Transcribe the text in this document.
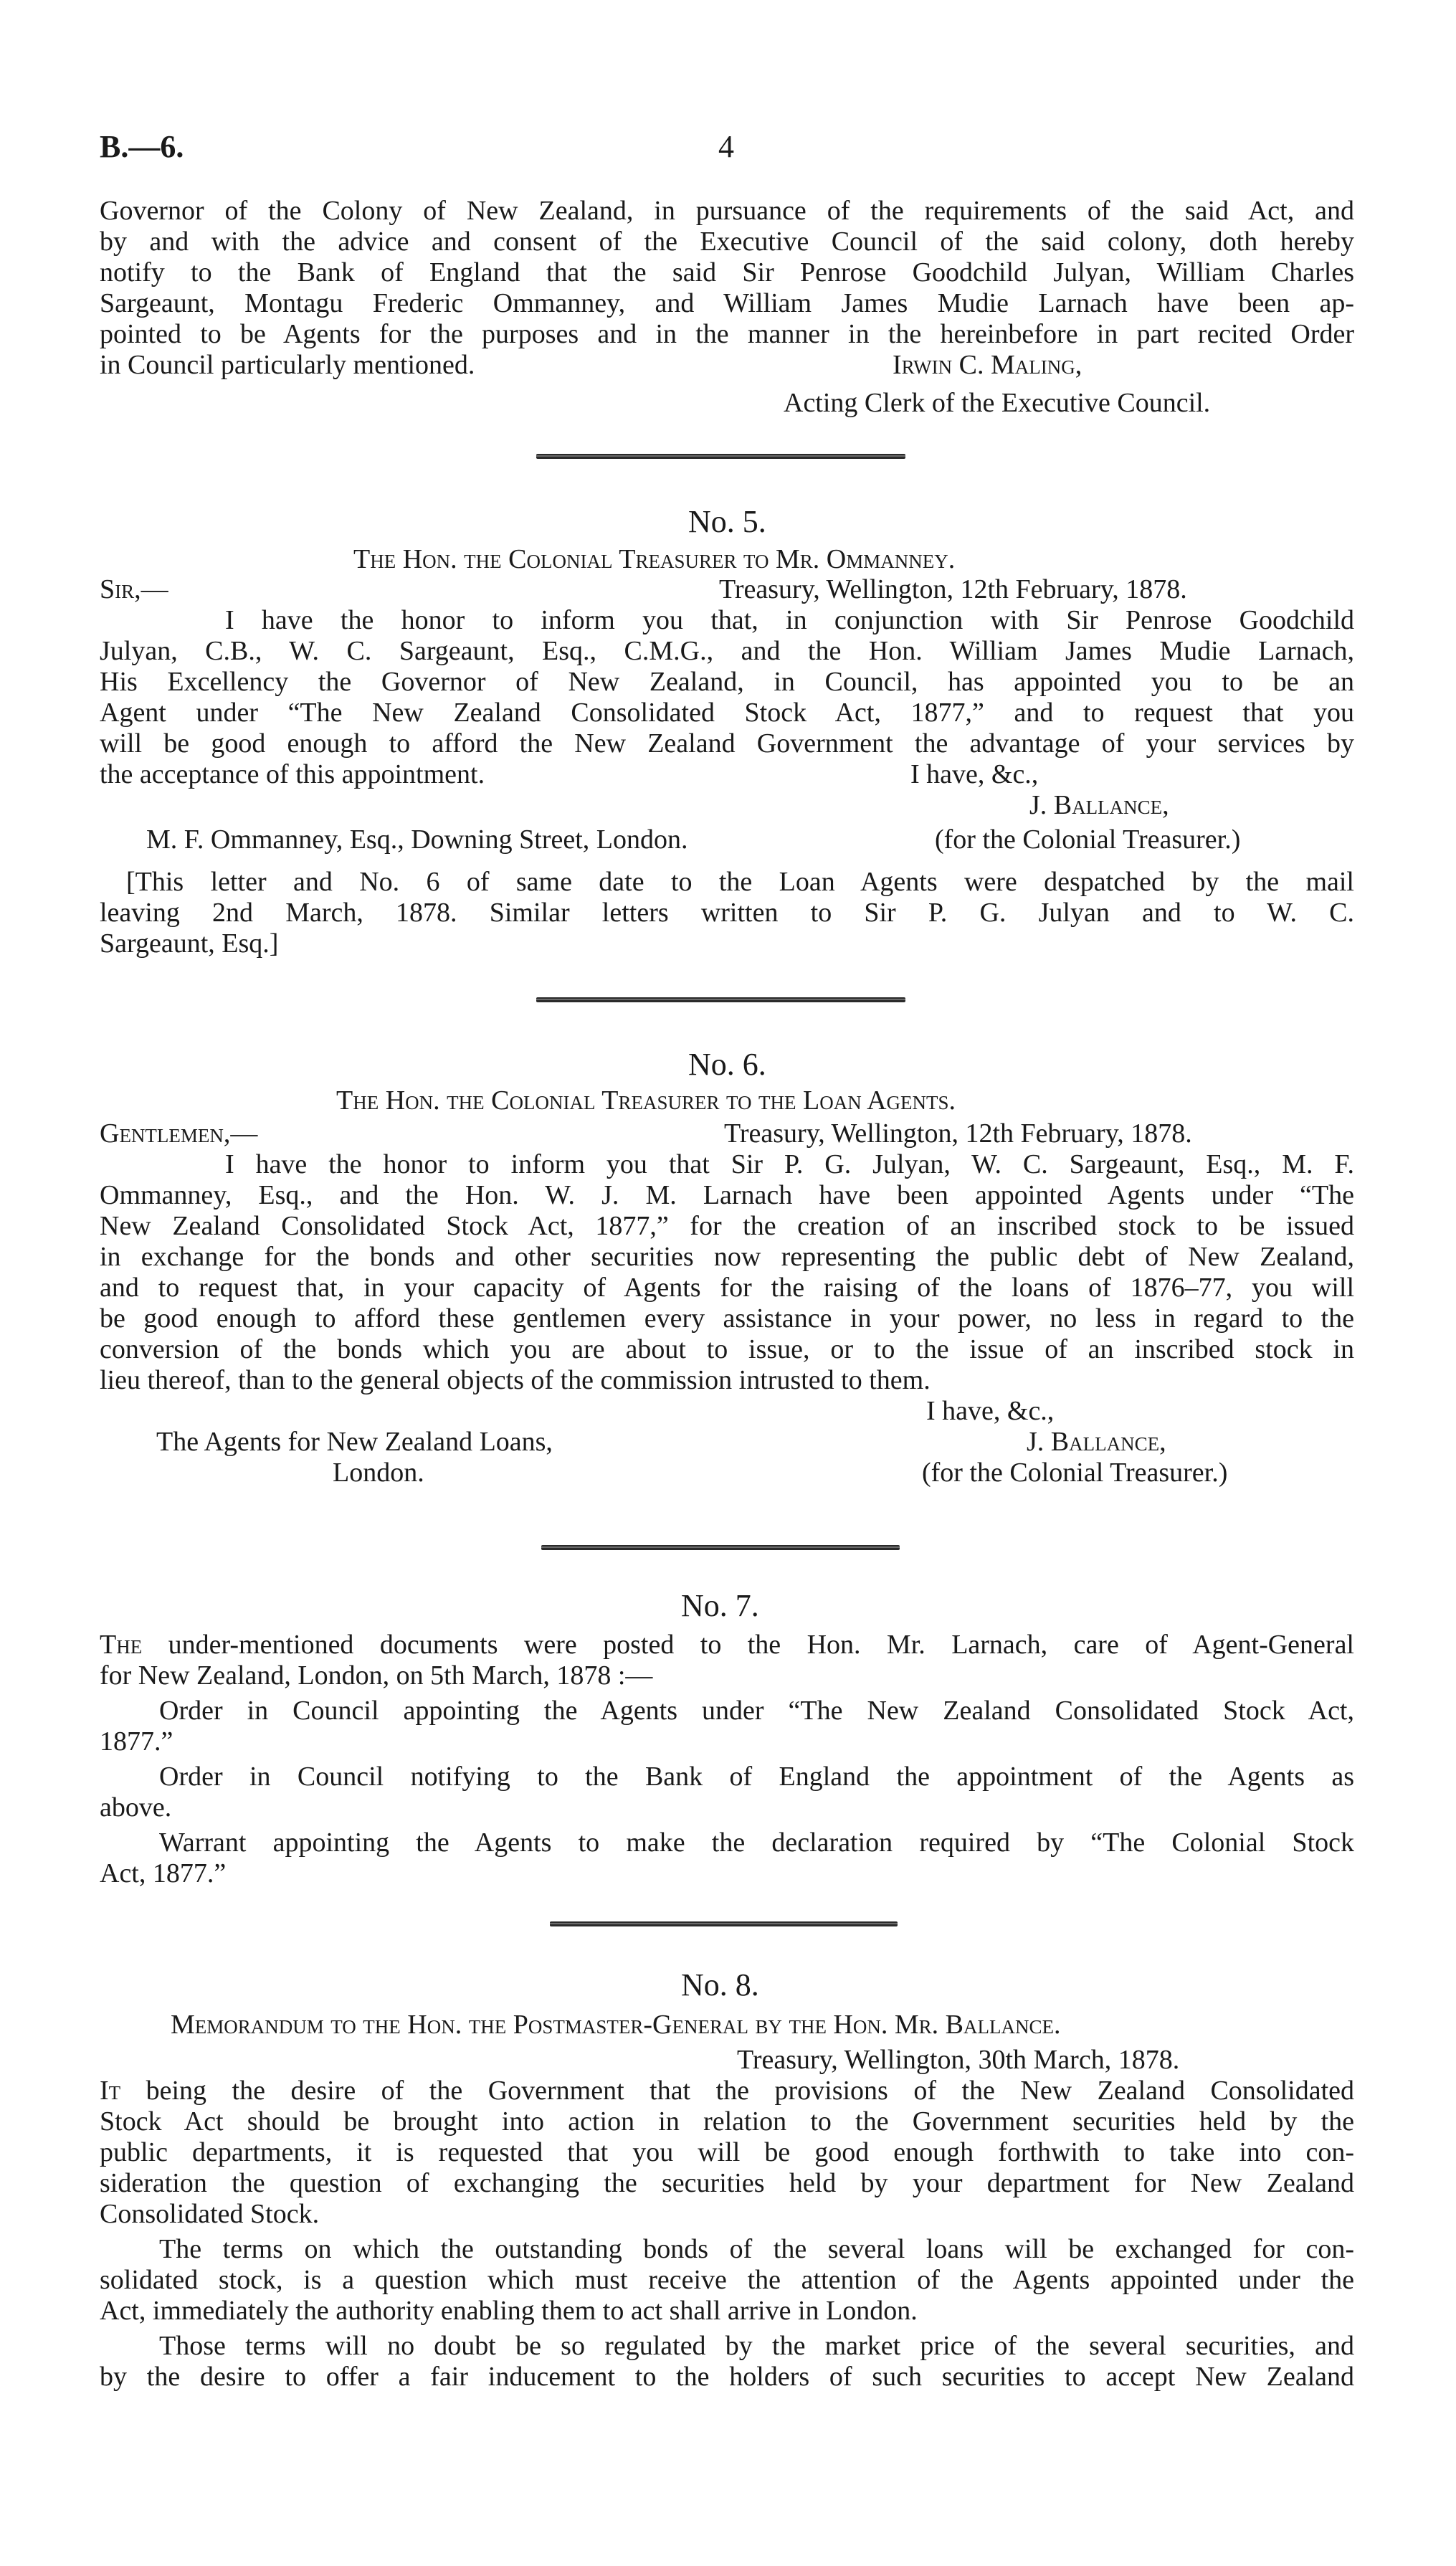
B.—6.	4
Governor of the Colony of New Zealand, in pursuance of the requirements of the said Act, and
by and with the advice and consent of the Executive Council of the said colony, doth hereby
notify to the Bank of England that the said Sir Penrose Goodchild Julyan, William Charles
Sargeaunt, Montagu Frederic Ommanney, and William James Mudie Larnach have been ap-
pointed to be Agents for the purposes and in the manner in the hereinbefore in part recited Order
in Council particularly mentioned.	Irwin C. Maling,
Acting Clerk of the Executive Council.
No. 5.
The Hon. the Colonial Treasurer to Mr. Ommanney.
Sir,—	Treasury, Wellington, 12th February, 1878.
I have the honor to inform you that, in conjunction with Sir Penrose Goodchild
Julyan, C.B., W. C. Sargeaunt, Esq., C.M.G., and the Hon. William James Mudie Larnach,
His Excellency the Governor of New Zealand, in Council, has appointed you to be an
Agent under “The New Zealand Consolidated Stock Act, 1877,” and to request that you
will be good enough to afford the New Zealand Government the advantage of your services by
the acceptance of this appointment.	I have, &c.,
J. Ballance,
M. F. Ommanney, Esq., Downing Street, London.	(for the Colonial Treasurer.)
[This letter and No. 6 of same date to the Loan Agents were despatched by the mail
leaving 2nd March, 1878. Similar letters written to Sir P. G. Julyan and to W. C.
Sargeaunt, Esq.]
No. 6.
The Hon. the Colonial Treasurer to the Loan Agents.
Gentlemen,—	Treasury, Wellington, 12th February, 1878.
I have the honor to inform you that Sir P. G. Julyan, W. C. Sargeaunt, Esq., M. F.
Ommanney, Esq., and the Hon. W. J. M. Larnach have been appointed Agents under “The
New Zealand Consolidated Stock Act, 1877,” for the creation of an inscribed stock to be issued
in exchange for the bonds and other securities now representing the public debt of New Zealand,
and to request that, in your capacity of Agents for the raising of the loans of 1876–77, you will
be good enough to afford these gentlemen every assistance in your power, no less in regard to the
conversion of the bonds which you are about to issue, or to the issue of an inscribed stock in
lieu thereof, than to the general objects of the commission intrusted to them.
I have, &c.,
The Agents for New Zealand Loans,	J. Ballance,
London.	(for the Colonial Treasurer.)
No. 7.
The under-mentioned documents were posted to the Hon. Mr. Larnach, care of Agent-General
for New Zealand, London, on 5th March, 1878 :—
Order in Council appointing the Agents under “The New Zealand Consolidated Stock Act,
1877.”
Order in Council notifying to the Bank of England the appointment of the Agents as
above.
Warrant appointing the Agents to make the declaration required by “The Colonial Stock
Act, 1877.”
No. 8.
Memorandum to the Hon. the Postmaster-General by the Hon. Mr. Ballance.
Treasury, Wellington, 30th March, 1878.
It being the desire of the Government that the provisions of the New Zealand Consolidated
Stock Act should be brought into action in relation to the Government securities held by the
public departments, it is requested that you will be good enough forthwith to take into con-
sideration the question of exchanging the securities held by your department for New Zealand
Consolidated Stock.
The terms on which the outstanding bonds of the several loans will be exchanged for con-
solidated stock, is a question which must receive the attention of the Agents appointed under the
Act, immediately the authority enabling them to act shall arrive in London.
Those terms will no doubt be so regulated by the market price of the several securities, and
by the desire to offer a fair inducement to the holders of such securities to accept New Zealand
